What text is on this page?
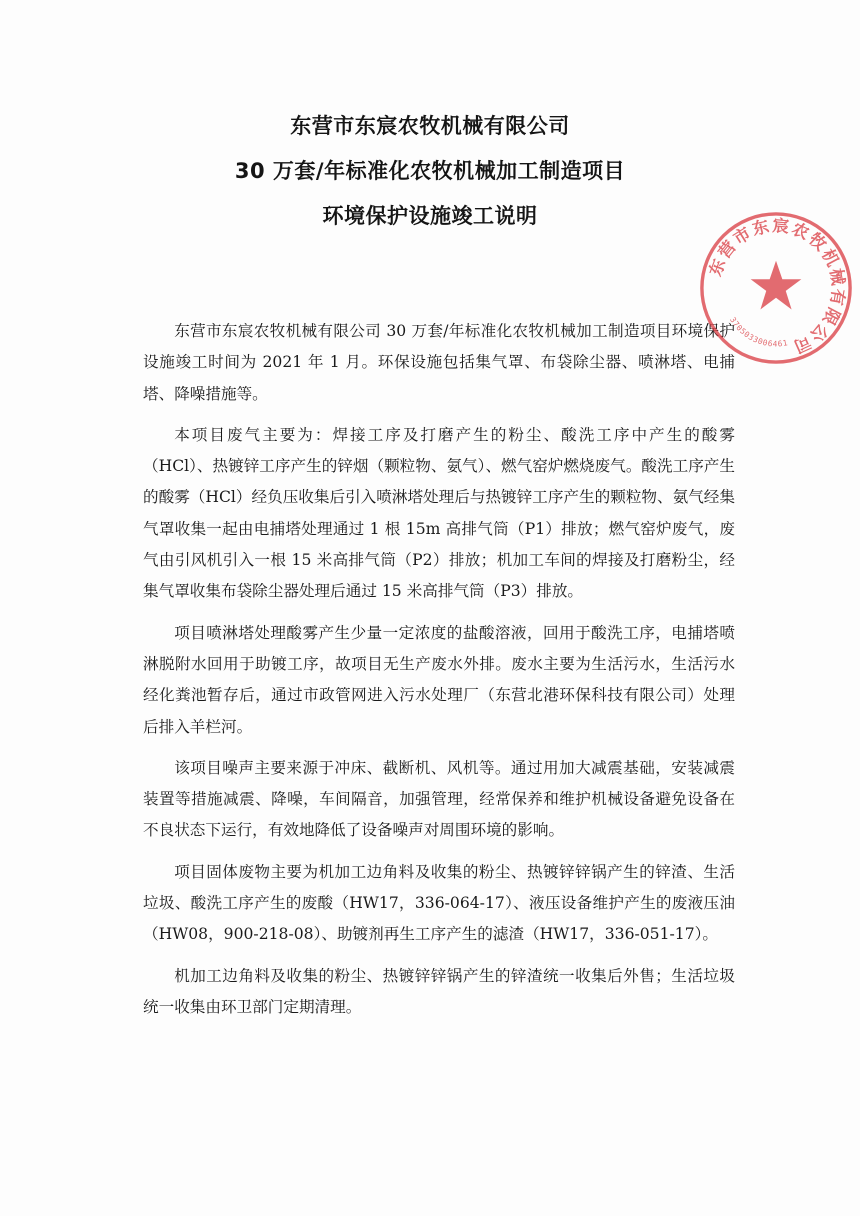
东营市东宸农牧机械有限公司
30 万套/年标准化农牧机械加工制造项目
环境保护设施竣工说明

东营市东宸农牧机械有限公司 30 万套/年标准化农牧机械加工制造项目环境保护设施竣工时间为 2021 年 1 月。环保设施包括集气罩、布袋除尘器、喷淋塔、电捕塔、降噪措施等。

本项目废气主要为：焊接工序及打磨产生的粉尘、酸洗工序中产生的酸雾（HCl）、热镀锌工序产生的锌烟（颗粒物、氨气）、燃气窑炉燃烧废气。酸洗工序产生的酸雾（HCl）经负压收集后引入喷淋塔处理后与热镀锌工序产生的颗粒物、氨气经集气罩收集一起由电捕塔处理通过 1 根 15m 高排气筒（P1）排放；燃气窑炉废气，废气由引风机引入一根 15 米高排气筒（P2）排放；机加工车间的焊接及打磨粉尘，经集气罩收集布袋除尘器处理后通过 15 米高排气筒（P3）排放。

项目喷淋塔处理酸雾产生少量一定浓度的盐酸溶液，回用于酸洗工序，电捕塔喷淋脱附水回用于助镀工序，故项目无生产废水外排。废水主要为生活污水，生活污水经化粪池暂存后，通过市政管网进入污水处理厂（东营北港环保科技有限公司）处理后排入羊栏河。

该项目噪声主要来源于冲床、截断机、风机等。通过用加大减震基础，安装减震装置等措施减震、降噪，车间隔音，加强管理，经常保养和维护机械设备避免设备在不良状态下运行，有效地降低了设备噪声对周围环境的影响。

项目固体废物主要为机加工边角料及收集的粉尘、热镀锌锌锅产生的锌渣、生活垃圾、酸洗工序产生的废酸（HW17，336-064-17）、液压设备维护产生的废液压油（HW08，900-218-08）、助镀剂再生工序产生的滤渣（HW17，336-051-17）。

机加工边角料及收集的粉尘、热镀锌锌锅产生的锌渣统一收集后外售；生活垃圾统一收集由环卫部门定期清理。

东营市东宸农牧机械有限公司
3705033006461
